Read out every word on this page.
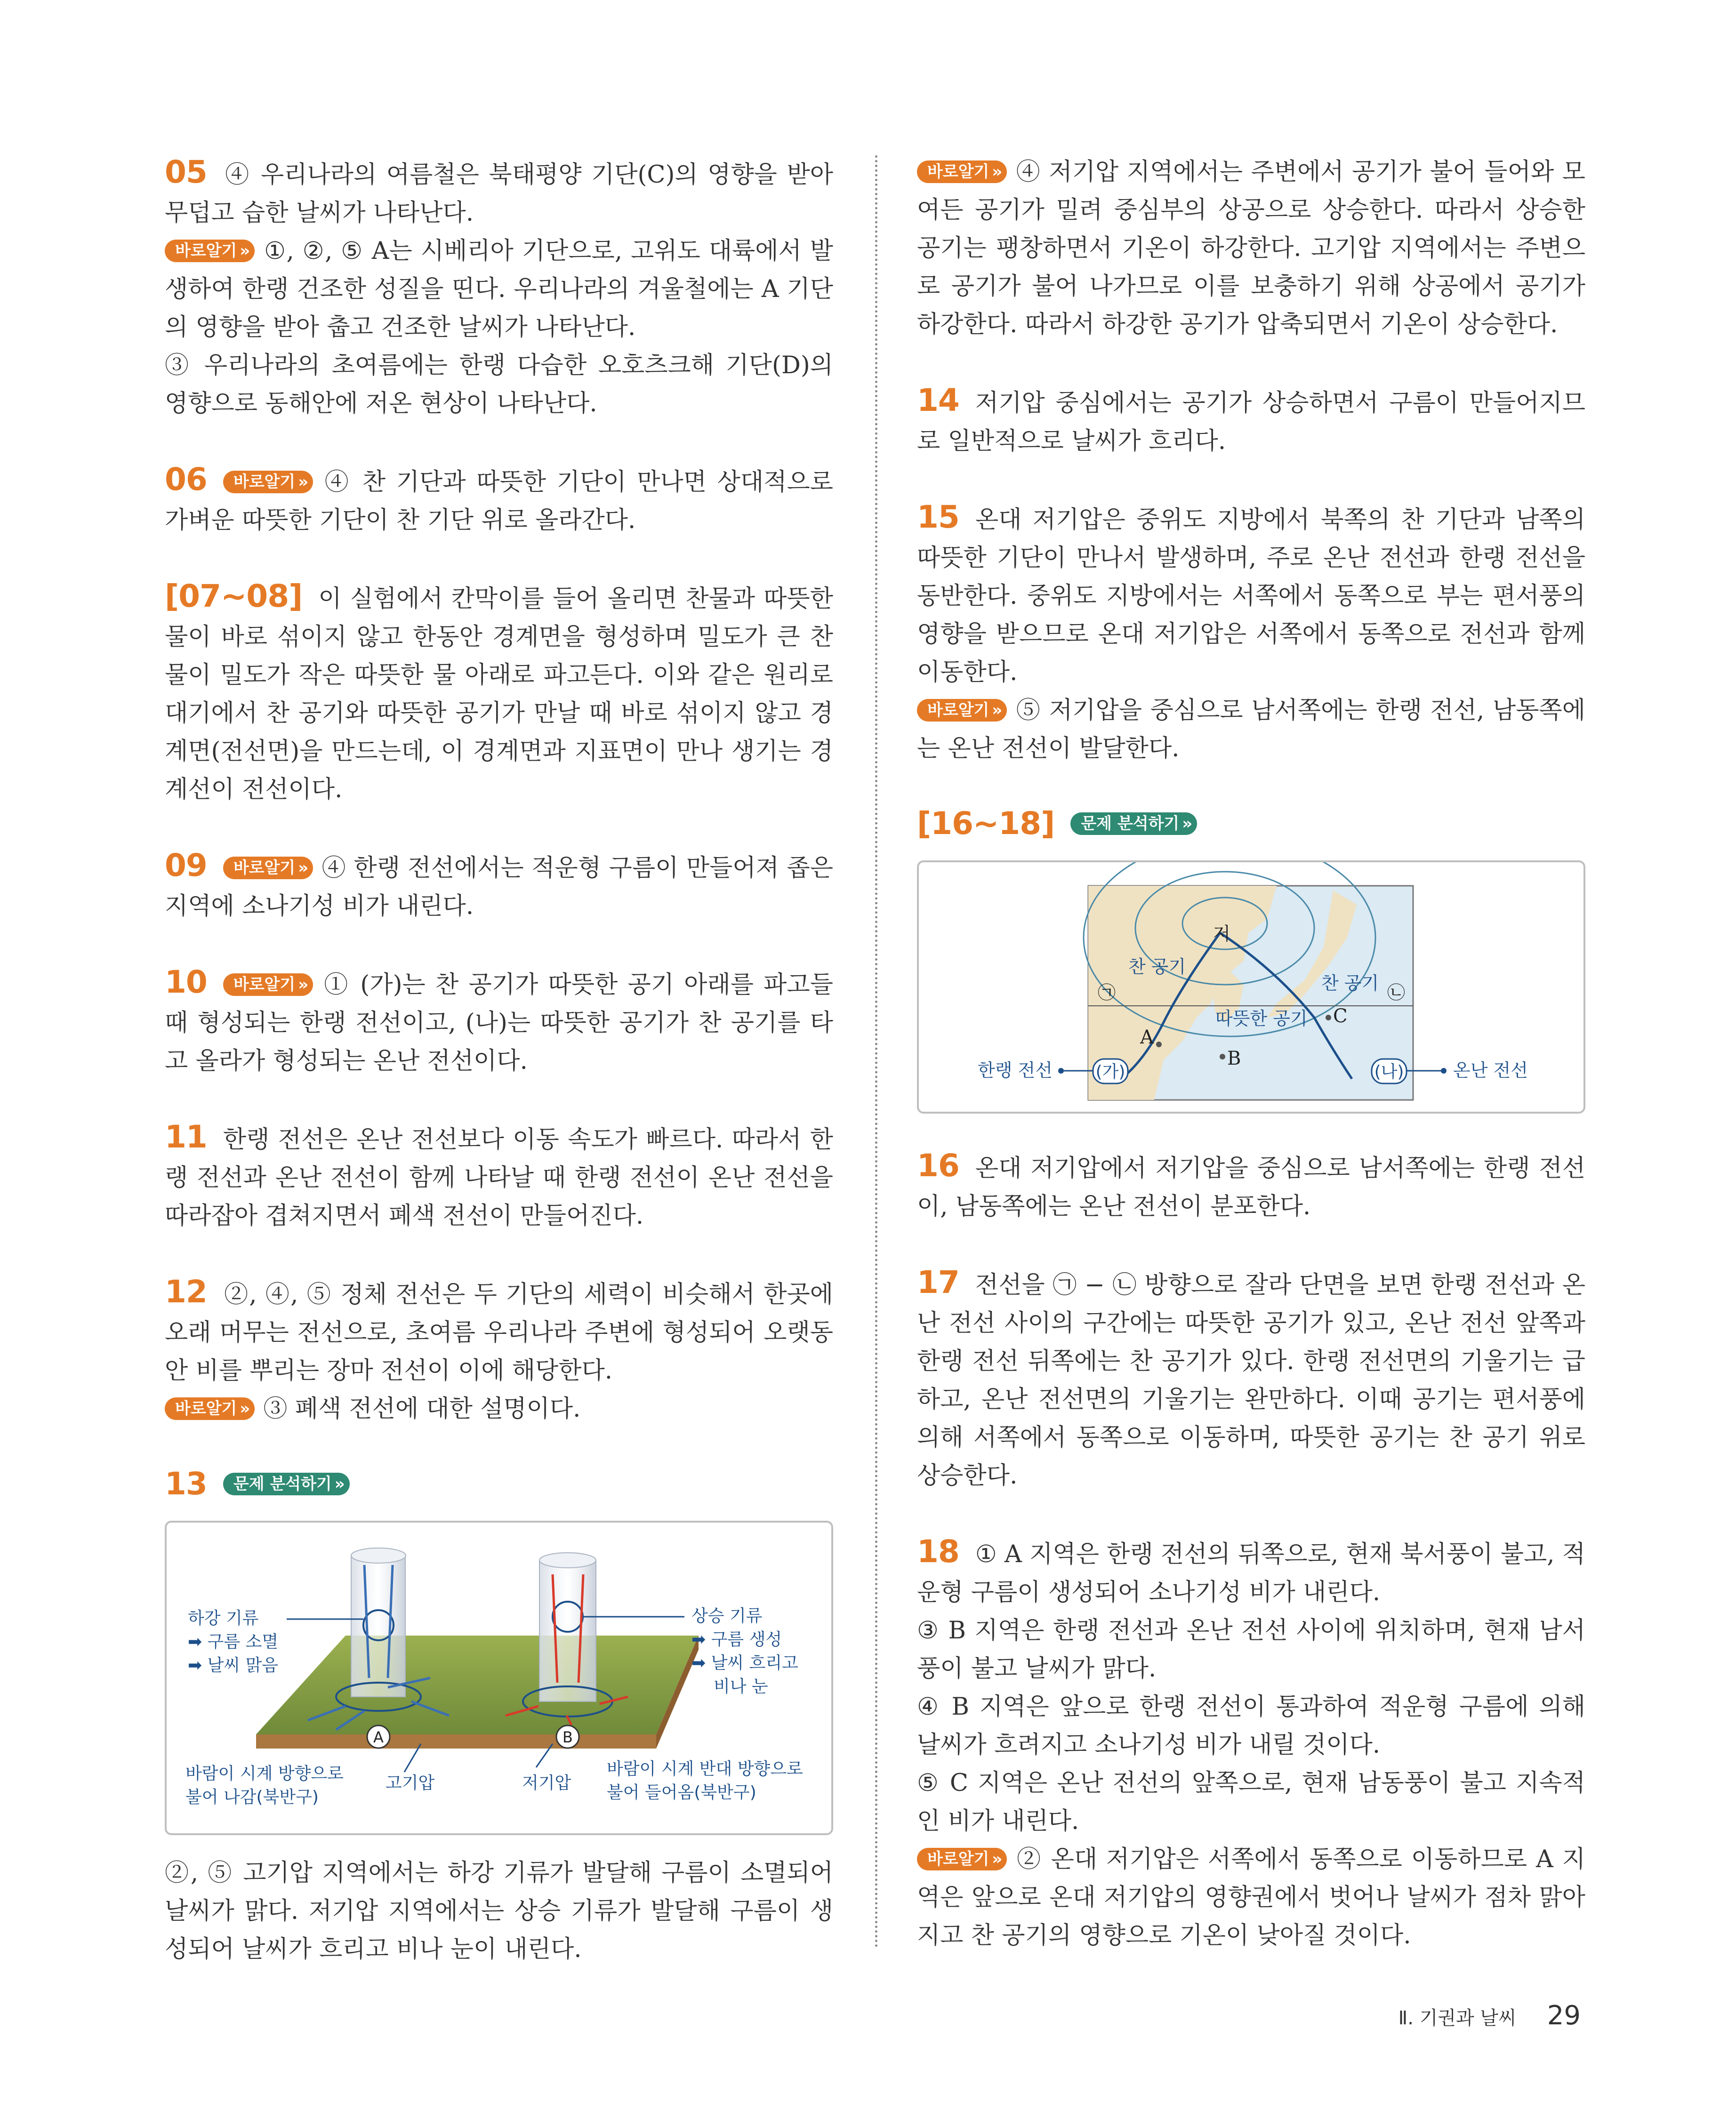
05 ④ 우리나라의 여름철은 북태평양 기단(C)의 영향을 받아 무덥고 습한 날씨가 나타난다.

바로알기 » ①, ②, ⑤ A는 시베리아 기단으로, 고위도 대륙에서 발생하여 한랭 건조한 성질을 띤다. 우리나라의 겨울철에는 A 기단의 영향을 받아 춥고 건조한 날씨가 나타난다.

③ 우리나라의 초여름에는 한랭 다습한 오호츠크해 기단(D)의 영향으로 동해안에 저온 현상이 나타난다.

06 바로알기 » ④ 찬 기단과 따뜻한 기단이 만나면 상대적으로 가벼운 따뜻한 기단이 찬 기단 위로 올라간다.

[07~08] 이 실험에서 칸막이를 들어 올리면 찬물과 따뜻한 물이 바로 섞이지 않고 한동안 경계면을 형성하며 밀도가 큰 찬물이 밀도가 작은 따뜻한 물 아래로 파고든다. 이와 같은 원리로 대기에서 찬 공기와 따뜻한 공기가 만날 때 바로 섞이지 않고 경계면(전선면)을 만드는데, 이 경계면과 지표면이 만나 생기는 경계선이 전선이다.

09 바로알기 » ④ 한랭 전선에서는 적운형 구름이 만들어져 좁은 지역에 소나기성 비가 내린다.

10 바로알기 » ① (가)는 찬 공기가 따뜻한 공기 아래를 파고들 때 형성되는 한랭 전선이고, (나)는 따뜻한 공기가 찬 공기를 타고 올라가 형성되는 온난 전선이다.

11 한랭 전선은 온난 전선보다 이동 속도가 빠르다. 따라서 한랭 전선과 온난 전선이 함께 나타날 때 한랭 전선이 온난 전선을 따라잡아 겹쳐지면서 폐색 전선이 만들어진다.

12 ②, ④, ⑤ 정체 전선은 두 기단의 세력이 비슷해서 한곳에 오래 머무는 전선으로, 초여름 우리나라 주변에 형성되어 오랫동안 비를 뿌리는 장마 전선이 이에 해당한다.

바로알기 » ③ 폐색 전선에 대한 설명이다.

13	문제 분석하기 »
A	B
하강 기류
➡ 구름 소멸
➡ 날씨 맑음
상승 기류
➡ 구름 생성
➡ 날씨 흐리고
비나 눈
바람이 시계 방향으로
불어 나감(북반구)
고기압	저기압
바람이 시계 반대 방향으로
불어 들어옴(북반구)

②, ⑤ 고기압 지역에서는 하강 기류가 발달해 구름이 소멸되어 날씨가 맑다. 저기압 지역에서는 상승 기류가 발달해 구름이 생성되어 날씨가 흐리고 비나 눈이 내린다.

바로알기 » ④ 저기압 지역에서는 주변에서 공기가 불어 들어와 모여든 공기가 밀려 중심부의 상공으로 상승한다. 따라서 상승한 공기는 팽창하면서 기온이 하강한다. 고기압 지역에서는 주변으로 공기가 불어 나가므로 이를 보충하기 위해 상공에서 공기가 하강한다. 따라서 하강한 공기가 압축되면서 기온이 상승한다.

14 저기압 중심에서는 공기가 상승하면서 구름이 만들어지므로 일반적으로 날씨가 흐리다.

15 온대 저기압은 중위도 지방에서 북쪽의 찬 기단과 남쪽의 따뜻한 기단이 만나서 발생하며, 주로 온난 전선과 한랭 전선을 동반한다. 중위도 지방에서는 서쪽에서 동쪽으로 부는 편서풍의 영향을 받으므로 온대 저기압은 서쪽에서 동쪽으로 전선과 함께 이동한다.

바로알기 » ⑤ 저기압을 중심으로 남서쪽에는 한랭 전선, 남동쪽에는 온난 전선이 발달한다.

[16~18]	문제 분석하기 »
A
B
C
저
찬 공기
찬 공기
따뜻한 공기
㉠	㉡
한랭 전선	온난 전선
(가)	(나)

16 온대 저기압에서 저기압을 중심으로 남서쪽에는 한랭 전선이, 남동쪽에는 온난 전선이 분포한다.

17 전선을 ㉠ − ㉡ 방향으로 잘라 단면을 보면 한랭 전선과 온난 전선 사이의 구간에는 따뜻한 공기가 있고, 온난 전선 앞쪽과 한랭 전선 뒤쪽에는 찬 공기가 있다. 한랭 전선면의 기울기는 급하고, 온난 전선면의 기울기는 완만하다. 이때 공기는 편서풍에 의해 서쪽에서 동쪽으로 이동하며, 따뜻한 공기는 찬 공기 위로 상승한다.

18 ① A 지역은 한랭 전선의 뒤쪽으로, 현재 북서풍이 불고, 적운형 구름이 생성되어 소나기성 비가 내린다.

③ B 지역은 한랭 전선과 온난 전선 사이에 위치하며, 현재 남서풍이 불고 날씨가 맑다.

④ B 지역은 앞으로 한랭 전선이 통과하여 적운형 구름에 의해 날씨가 흐려지고 소나기성 비가 내릴 것이다.

⑤ C 지역은 온난 전선의 앞쪽으로, 현재 남동풍이 불고 지속적인 비가 내린다.

바로알기 » ② 온대 저기압은 서쪽에서 동쪽으로 이동하므로 A 지역은 앞으로 온대 저기압의 영향권에서 벗어나 날씨가 점차 맑아지고 찬 공기의 영향으로 기온이 낮아질 것이다.

Ⅱ. 기권과 날씨 29
